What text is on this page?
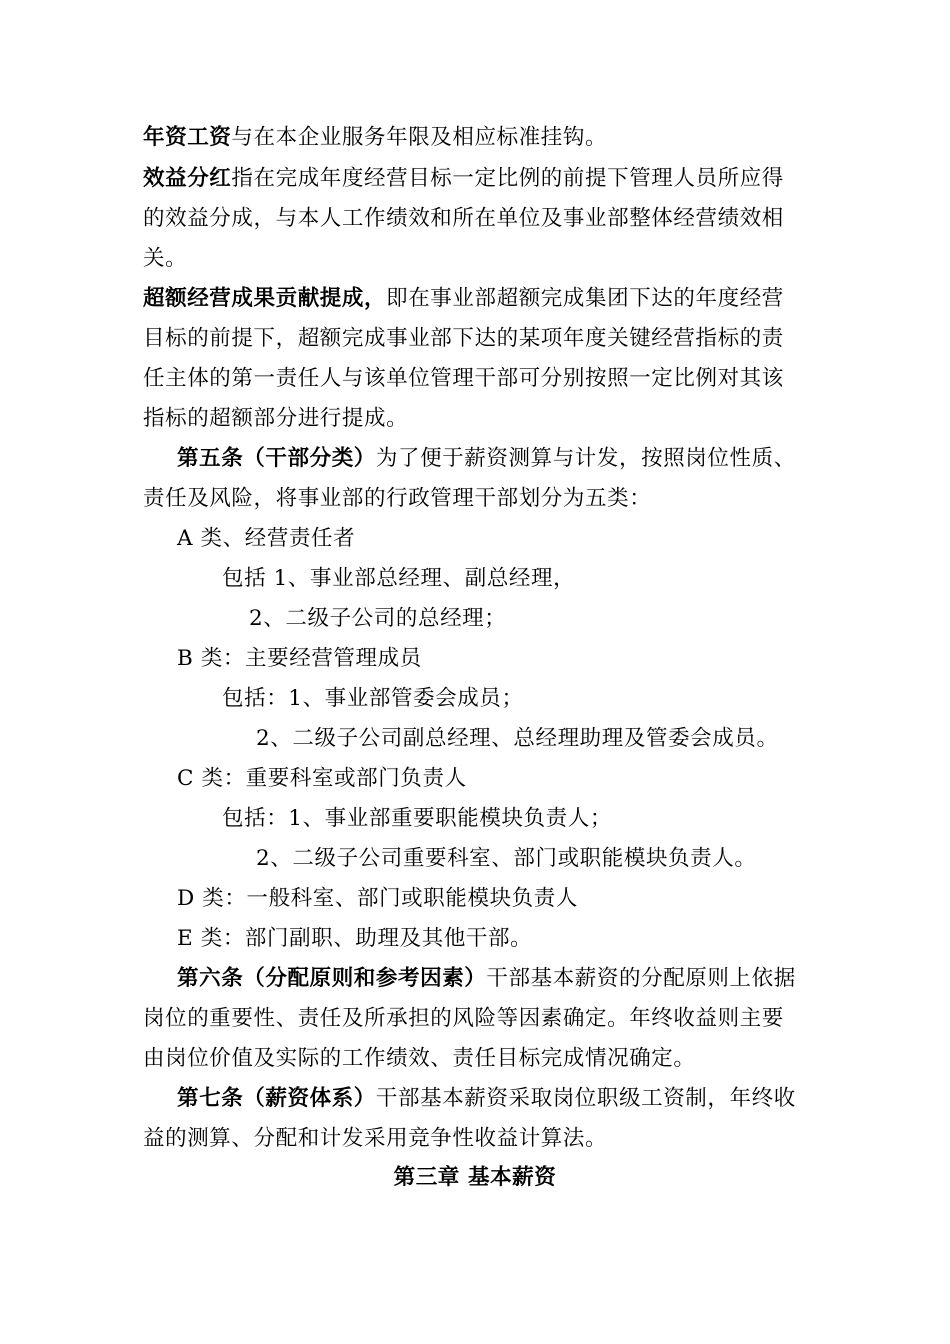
年资工资与在本企业服务年限及相应标准挂钩。
效益分红指在完成年度经营目标一定比例的前提下管理人员所应得
的效益分成，与本人工作绩效和所在单位及事业部整体经营绩效相
关。
超额经营成果贡献提成，即在事业部超额完成集团下达的年度经营
目标的前提下，超额完成事业部下达的某项年度关键经营指标的责
任主体的第一责任人与该单位管理干部可分别按照一定比例对其该
指标的超额部分进行提成。
第五条（干部分类）为了便于薪资测算与计发，按照岗位性质、
责任及风险，将事业部的行政管理干部划分为五类：
A 类、经营责任者
包括 1、事业部总经理、副总经理，
2、二级子公司的总经理；
B 类：主要经营管理成员
包括：1、事业部管委会成员；
2、二级子公司副总经理、总经理助理及管委会成员。
C 类：重要科室或部门负责人
包括：1、事业部重要职能模块负责人；
2、二级子公司重要科室、部门或职能模块负责人。
D 类：一般科室、部门或职能模块负责人
E 类：部门副职、助理及其他干部。
第六条（分配原则和参考因素）干部基本薪资的分配原则上依据
岗位的重要性、责任及所承担的风险等因素确定。年终收益则主要
由岗位价值及实际的工作绩效、责任目标完成情况确定。
第七条（薪资体系）干部基本薪资采取岗位职级工资制，年终收
益的测算、分配和计发采用竞争性收益计算法。
第三章 基本薪资
